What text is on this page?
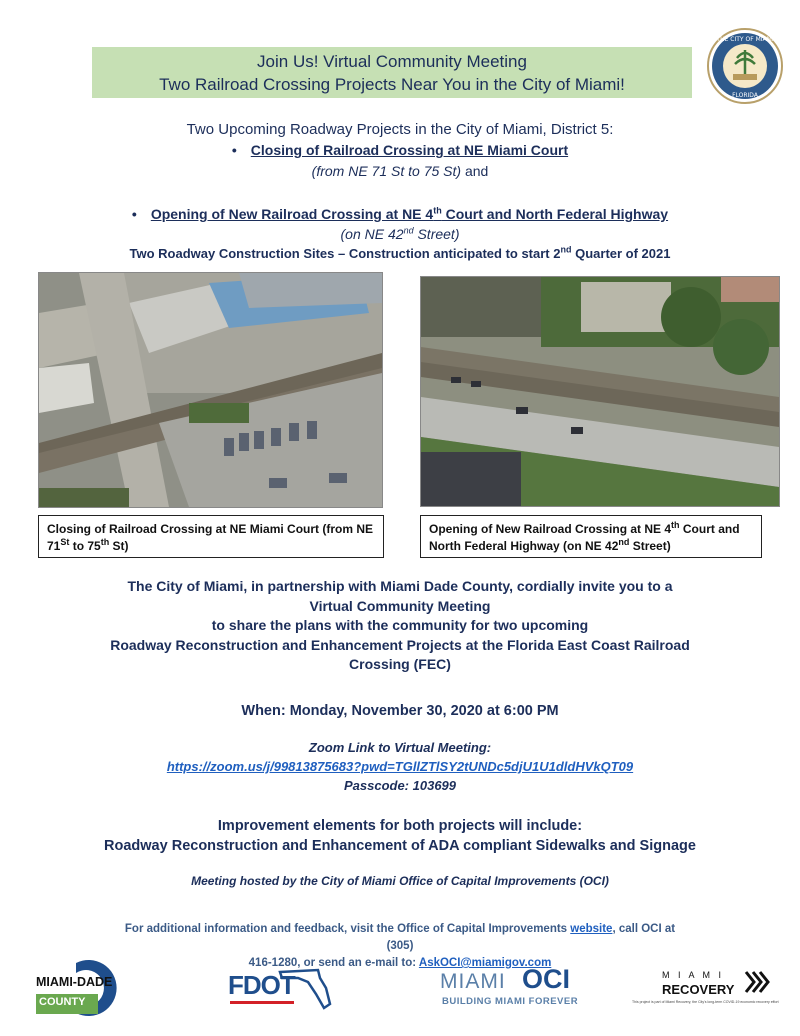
Join Us! Virtual Community Meeting
Two Railroad Crossing Projects Near You in the City of Miami!
THE CITY OF MIAMI
FLORIDA
Two Upcoming Roadway Projects in the City of Miami, District 5:
• Closing of Railroad Crossing at NE Miami Court
(from NE 71 St to 75 St) and
• Opening of New Railroad Crossing at NE 4th Court and North Federal Highway
(on NE 42nd Street)
Two Roadway Construction Sites – Construction anticipated to start 2nd Quarter of 2021
Closing of Railroad Crossing at NE Miami Court (from NE 71St to 75th St)
Opening of New Railroad Crossing at NE 4th Court and North Federal Highway (on NE 42nd Street)
The City of Miami, in partnership with Miami Dade County, cordially invite you to a
Virtual Community Meeting
to share the plans with the community for two upcoming
Roadway Reconstruction and Enhancement Projects at the Florida East Coast Railroad
Crossing (FEC)
When: Monday, November 30, 2020 at 6:00 PM
Zoom Link to Virtual Meeting:
https://zoom.us/j/99813875683?pwd=TGllZTlSY2tUNDc5djU1U1dldHVkQT09
Passcode: 103699
Improvement elements for both projects will include:
Roadway Reconstruction and Enhancement of ADA compliant Sidewalks and Signage
Meeting hosted by the City of Miami Office of Capital Improvements (OCI)
For additional information and feedback, visit the Office of Capital Improvements website, call OCI at (305)
416-1280, or send an e-mail to: AskOCI@miamigov.com
MIAMI-DADE
COUNTY
FDOT	MIAMI OCI
BUILDING MIAMI FOREVER
M I A M I
RECOVERY
This project is part of Miami Recovery, the City's long-term COVID-19 economic recovery effort
